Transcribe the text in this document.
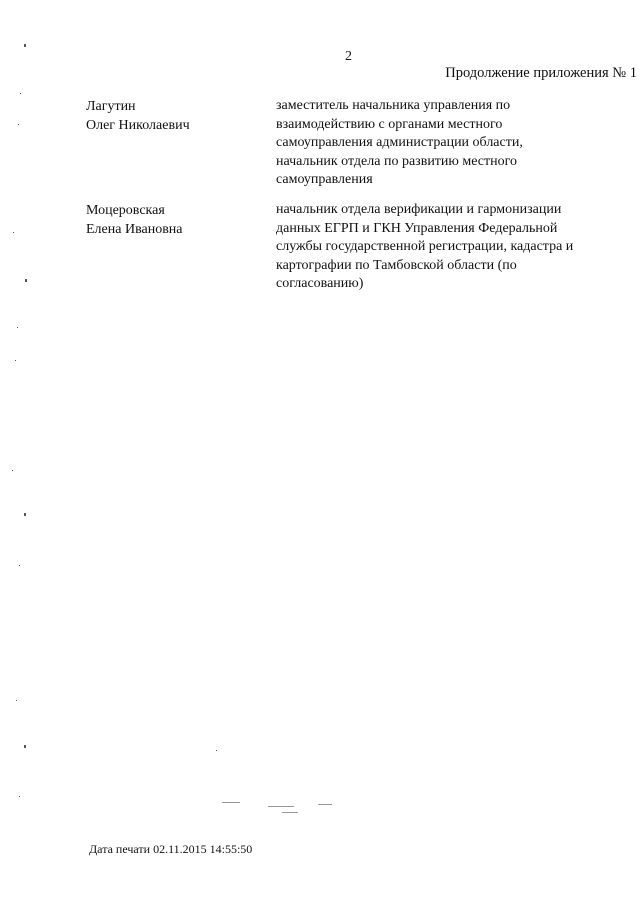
2
Продолжение приложения № 1
Лагутин
Олег Николаевич
заместитель начальника управления по
взаимодействию с органами местного
самоуправления администрации области,
начальник отдела по развитию местного
самоуправления
Моцеровская
Елена Ивановна
начальник отдела верификации и гармонизации
данных ЕГРП и ГКН Управления Федеральной
службы государственной регистрации, кадастра и
картографии по Тамбовской области (по
согласованию)
Дата печати 02.11.2015 14:55:50
